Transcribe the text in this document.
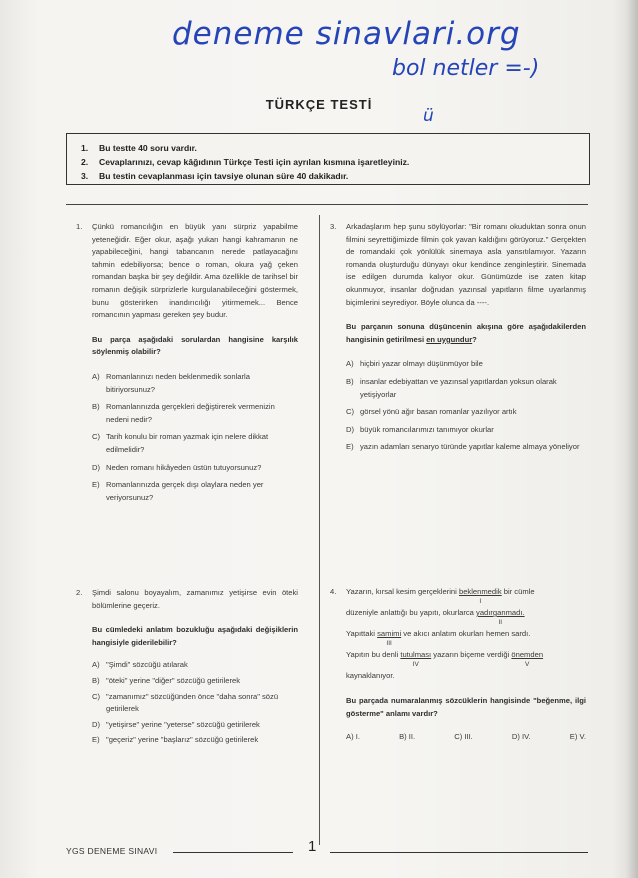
deneme sinavlari.org
bol netler =-)
ü
TÜRKÇE TESTİ
1. Bu testte 40 soru vardır.
2. Cevaplarınızı, cevap kâğıdının Türkçe Testi için ayrılan kısmına işaretleyiniz.
3. Bu testin cevaplanması için tavsiye olunan süre 40 dakikadır.
1. Çünkü romancılığın en büyük yanı sürpriz yapabilme yeteneğidir. Eğer okur, aşağı yukarı hangi kahramanın ne yapabileceğini, hangi tabancanın nerede patlayacağını tahmin edebiliyorsa; bence o roman, okura yağ çeken romandan başka bir şey değildir. Ama özellikle de tarihsel bir romanın değişik sürprizlerle kurgulanabileceğini göstermek, bunu gösterirken inandırıcılığı yitirmemek... Bence romancının yapması gereken şey budur.

Bu parça aşağıdaki sorulardan hangisine karşılık söylenmiş olabilir?

A) Romanlarınızı neden beklenmedik sonlarla bitiriyorsunuz?
B) Romanlarınızda gerçekleri değiştirerek vermenizin nedeni nedir?
C) Tarih konulu bir roman yazmak için nelere dikkat edilmelidir?
D) Neden romanı hikâyeden üstün tutuyorsunuz?
E) Romanlarınızda gerçek dışı olaylara neden yer veriyorsunuz?
2. Şimdi salonu boyayalım, zamanımız yetişirse evin öteki bölümlerine geçeriz.

Bu cümledeki anlatım bozukluğu aşağıdaki değişiklerin hangisiyle giderilebilir?

A) "Şimdi" sözcüğü atılarak
B) "öteki" yerine "diğer" sözcüğü getirilerek
C) "zamanımız" sözcüğünden önce "daha sonra" sözü getirilerek
D) "yetişirse" yerine "yeterse" sözcüğü getirilerek
E) "geçeriz" yerine "başlarız" sözcüğü getirilerek
3. Arkadaşlarım hep şunu söylüyorlar: "Bir romanı okuduktan sonra onun filmini seyrettiğimizde filmin çok yavan kaldığını görüyoruz." Gerçekten de romandaki çok yönlülük sinemaya asla yansıtılamıyor. Yazarın romanda oluşturduğu dünyayı okur kendince zenginleştirir. Sinemada ise edilgen durumda kalıyor okur. Günümüzde ise zaten kitap okunmuyor, insanlar doğrudan yazınsal yapıtların filme uyarlanmış biçimlerini seyrediyor. Böyle olunca da ----.

Bu parçanın sonuna düşüncenin akışına göre aşağıdakilerden hangisinin getirilmesi en uygundur?

A) hiçbiri yazar olmayı düşünmüyor bile
B) insanlar edebiyattan ve yazınsal yapıtlardan yoksun olarak yetişiyorlar
C) görsel yönü ağır basan romanlar yazılıyor artık
D) büyük romancılarımızı tanımıyor okurlar
E) yazın adamları senaryo türünde yapıtlar kaleme almaya yöneliyor
4. Yazarın, kırsal kesim gerçeklerini beklenmedik
I
bir cümle
düzeniyle anlattığı bu yapıtı, okurlarca yadırganmadı.
II
Yapıttaki samimi
III
ve akıcı anlatım okurları hemen sardı.
Yapıtın bu denli tutulması
IV
yazarın biçeme verdiği önemden
V
kaynaklanıyor.

Bu parçada numaralanmış sözcüklerin hangisinde "beğenme, ilgi gösterme" anlamı vardır?

A) I.	B) II.	C) III.	D) IV.	E) V.
YGS DENEME SINAVI	1
